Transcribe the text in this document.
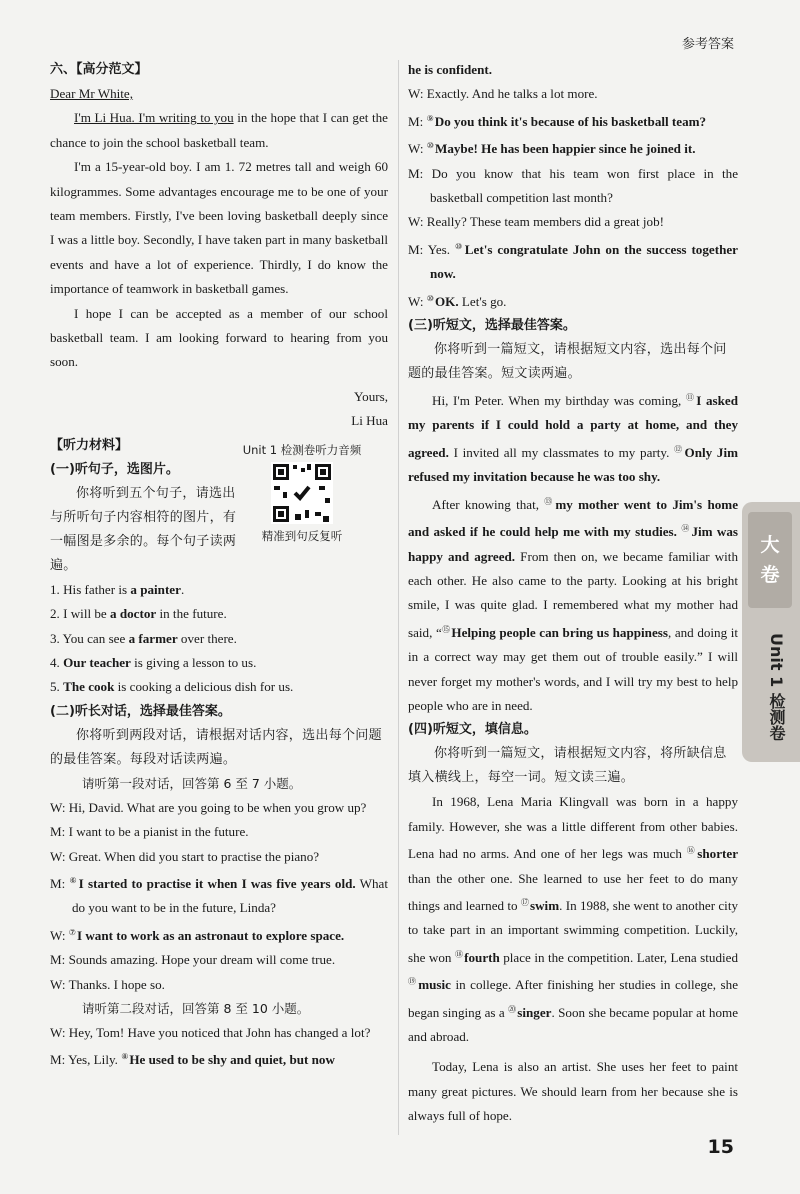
参考答案
六、【高分范文】
Dear Mr White,

I'm Li Hua. I'm writing to you in the hope that I can get the chance to join the school basketball team.

I'm a 15-year-old boy. I am 1. 72 metres tall and weigh 60 kilogrammes. Some advantages encourage me to be one of your team members. Firstly, I've been loving basketball deeply since I was a little boy. Secondly, I have taken part in many basketball events and have a lot of experience. Thirdly, I do know the importance of teamwork in basketball games.

I hope I can be accepted as a member of our school basketball team. I am looking forward to hearing from you soon.

Yours,
Li Hua
【听力材料】
(一)听句子，选图片。
你将听到五个句子，请选出与所听句子内容相符的图片，有一幅图是多余的。每个句子读两遍。
1. His father is a painter.
2. I will be a doctor in the future.
3. You can see a farmer over there.
4. Our teacher is giving a lesson to us.
5. The cook is cooking a delicious dish for us.
(二)听长对话，选择最佳答案。
你将听到两段对话，请根据对话内容，选出每个问题的最佳答案。每段对话读两遍。
请听第一段对话，回答第 6 至 7 小题。
W: Hi, David. What are you going to be when you grow up?
M: I want to be a pianist in the future.
W: Great. When did you start to practise the piano?
M: ⑥I started to practise it when I was five years old. What do you want to be in the future, Linda?
W: ⑦I want to work as an astronaut to explore space.
M: Sounds amazing. Hope your dream will come true.
W: Thanks. I hope so.
请听第二段对话，回答第 8 至 10 小题。
W: Hey, Tom! Have you noticed that John has changed a lot?
M: Yes, Lily. ⑧He used to be shy and quiet, but now
Unit 1 检测卷听力音频
精准到句反复听
he is confident.
W: Exactly. And he talks a lot more.
M: ⑨Do you think it's because of his basketball team?
W: ⑩Maybe! He has been happier since he joined it.
M: Do you know that his team won first place in the basketball competition last month?
W: Really? These team members did a great job!
M: Yes. ⑩Let's congratulate John on the success together now.
W: ⑩OK. Let's go.
(三)听短文，选择最佳答案。
你将听到一篇短文，请根据短文内容，选出每个问题的最佳答案。短文读两遍。

Hi, I'm Peter. When my birthday was coming, ⑪I asked my parents if I could hold a party at home, and they agreed. I invited all my classmates to my party. ⑫Only Jim refused my invitation because he was too shy.

After knowing that, ⑬my mother went to Jim's home and asked if he could help me with my studies. ⑭Jim was happy and agreed. From then on, we became familiar with each other. He also came to the party. Looking at his bright smile, I was quite glad. I remembered what my mother had said, “⑮Helping people can bring us happiness, and doing it in a correct way may get them out of trouble easily.” I will never forget my mother's words, and I will try my best to help people who are in need.

(四)听短文，填信息。
你将听到一篇短文，请根据短文内容，将所缺信息填入横线上，每空一词。短文读三遍。

In 1968, Lena Maria Klingvall was born in a happy family. However, she was a little different from other babies. Lena had no arms. And one of her legs was much ⑯shorter than the other one. She learned to use her feet to do many things and learned to ⑰swim. In 1988, she went to another city to take part in an important swimming competition. Luckily, she won ⑱fourth place in the competition. Later, Lena studied ⑲music in college. After finishing her studies in college, she began singing as a ⑳singer. Soon she became popular at home and abroad.

Today, Lena is also an artist. She uses her feet to paint many great pictures. We should learn from her because she is always full of hope.

大
卷
Unit 1 检测卷
15
